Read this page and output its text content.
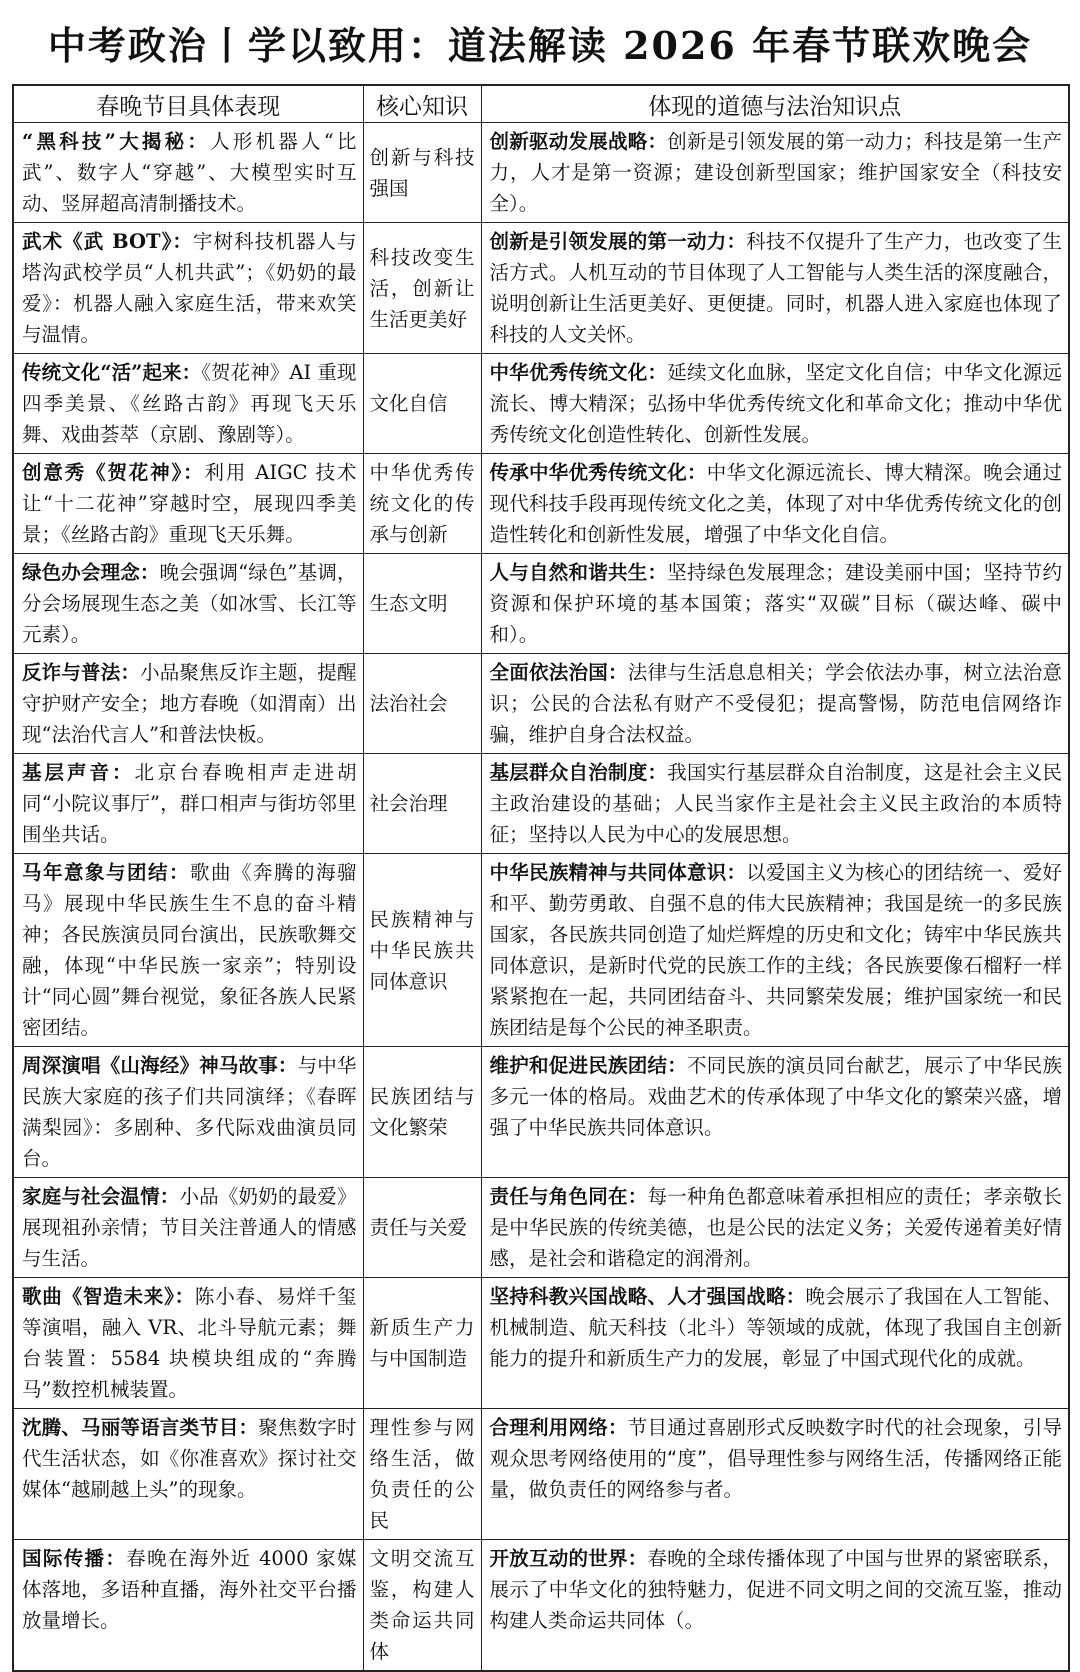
中考政治丨学以致用：道法解读 2026 年春节联欢晚会
春晚节目具体表现	核心知识	体现的道德与法治知识点
“黑科技”大揭秘：人形机器人“比武”、数字人“穿越”、大模型实时互动、竖屏超高清制播技术。	创新与科技强国	创新驱动发展战略：创新是引领发展的第一动力；科技是第一生产力，人才是第一资源；建设创新型国家；维护国家安全（科技安全）。
武术《武 BOT》：宇树科技机器人与塔沟武校学员“人机共武”；《奶奶的最爱》：机器人融入家庭生活，带来欢笑与温情。	科技改变生活，创新让生活更美好	创新是引领发展的第一动力：科技不仅提升了生产力，也改变了生活方式。人机互动的节目体现了人工智能与人类生活的深度融合，说明创新让生活更美好、更便捷。同时，机器人进入家庭也体现了科技的人文关怀。
传统文化“活”起来：《贺花神》AI 重现四季美景、《丝路古韵》再现飞天乐舞、戏曲荟萃（京剧、豫剧等）。	文化自信	中华优秀传统文化：延续文化血脉，坚定文化自信；中华文化源远流长、博大精深；弘扬中华优秀传统文化和革命文化；推动中华优秀传统文化创造性转化、创新性发展。
创意秀《贺花神》：利用 AIGC 技术让“十二花神”穿越时空，展现四季美景；《丝路古韵》重现飞天乐舞。	中华优秀传统文化的传承与创新	传承中华优秀传统文化：中华文化源远流长、博大精深。晚会通过现代科技手段再现传统文化之美，体现了对中华优秀传统文化的创造性转化和创新性发展，增强了中华文化自信。
绿色办会理念：晚会强调“绿色”基调，分会场展现生态之美（如冰雪、长江等元素）。	生态文明	人与自然和谐共生：坚持绿色发展理念；建设美丽中国；坚持节约资源和保护环境的基本国策；落实“双碳”目标（碳达峰、碳中和）。
反诈与普法：小品聚焦反诈主题，提醒守护财产安全；地方春晚（如渭南）出现“法治代言人”和普法快板。	法治社会	全面依法治国：法律与生活息息相关；学会依法办事，树立法治意识；公民的合法私有财产不受侵犯；提高警惕，防范电信网络诈骗，维护自身合法权益。
基层声音：北京台春晚相声走进胡同“小院议事厅”，群口相声与街坊邻里围坐共话。	社会治理	基层群众自治制度：我国实行基层群众自治制度，这是社会主义民主政治建设的基础；人民当家作主是社会主义民主政治的本质特征；坚持以人民为中心的发展思想。
马年意象与团结：歌曲《奔腾的海骝马》展现中华民族生生不息的奋斗精神；各民族演员同台演出，民族歌舞交融，体现“中华民族一家亲”；特别设计“同心圆”舞台视觉，象征各族人民紧密团结。	民族精神与中华民族共同体意识	中华民族精神与共同体意识：以爱国主义为核心的团结统一、爱好和平、勤劳勇敢、自强不息的伟大民族精神；我国是统一的多民族国家，各民族共同创造了灿烂辉煌的历史和文化；铸牢中华民族共同体意识，是新时代党的民族工作的主线；各民族要像石榴籽一样紧紧抱在一起，共同团结奋斗、共同繁荣发展；维护国家统一和民族团结是每个公民的神圣职责。
周深演唱《山海经》神马故事：与中华民族大家庭的孩子们共同演绎；《春晖满梨园》：多剧种、多代际戏曲演员同台。	民族团结与文化繁荣	维护和促进民族团结：不同民族的演员同台献艺，展示了中华民族多元一体的格局。戏曲艺术的传承体现了中华文化的繁荣兴盛，增强了中华民族共同体意识。
家庭与社会温情：小品《奶奶的最爱》展现祖孙亲情；节目关注普通人的情感与生活。	责任与关爱	责任与角色同在：每一种角色都意味着承担相应的责任；孝亲敬长是中华民族的传统美德，也是公民的法定义务；关爱传递着美好情感，是社会和谐稳定的润滑剂。
歌曲《智造未来》：陈小春、易烊千玺等演唱，融入 VR、北斗导航元素；舞台装置：5584 块模块组成的“奔腾马”数控机械装置。	新质生产力与中国制造	坚持科教兴国战略、人才强国战略：晚会展示了我国在人工智能、机械制造、航天科技（北斗）等领域的成就，体现了我国自主创新能力的提升和新质生产力的发展，彰显了中国式现代化的成就。
沈腾、马丽等语言类节目：聚焦数字时代生活状态，如《你准喜欢》探讨社交媒体“越刷越上头”的现象。	理性参与网络生活，做负责任的公民	合理利用网络：节目通过喜剧形式反映数字时代的社会现象，引导观众思考网络使用的“度”，倡导理性参与网络生活，传播网络正能量，做负责任的网络参与者。
国际传播：春晚在海外近 4000 家媒体落地，多语种直播，海外社交平台播放量增长。	文明交流互鉴，构建人类命运共同体	开放互动的世界：春晚的全球传播体现了中国与世界的紧密联系，展示了中华文化的独特魅力，促进不同文明之间的交流互鉴，推动构建人类命运共同体（。
